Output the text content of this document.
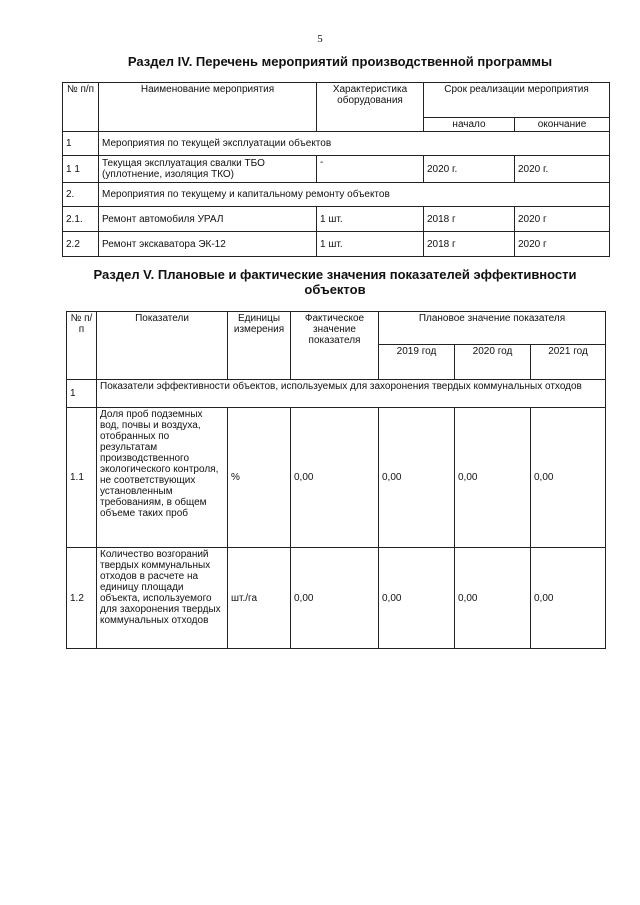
5
Раздел IV. Перечень мероприятий производственной программы
№ п/п	Наименование мероприятия	Характеристика оборудования	Срок реализации мероприятия	
			начало	окончание
1	Мероприятия по текущей эксплуатации объектов			
1 1	Текущая эксплуатация свалки ТБО (уплотнение, изоляция ТКО)	-	2020 г.	2020 г.
2.	Мероприятия по текущему и капитальному ремонту объектов			
2.1.	Ремонт автомобиля УРАЛ	1 шт.	2018 г	2020 г
2.2	Ремонт экскаватора ЭК-12	1 шт.	2018 г	2020 г
Раздел V. Плановые и фактические значения показателей эффективности объектов
№ п/п	Показатели	Единицы измерения	Фактическое значение показателя	Плановое значение показателя		
				2019 год	2020 год	2021 год
1	Показатели эффективности объектов, используемых для захоронения твердых коммунальных отходов					
1.1	Доля проб подземных вод, почвы и воздуха, отобранных по результатам производственного экологического контроля, не соответствующих установленным требованиям, в общем объеме таких проб	%	0,00	0,00	0,00	0,00
1.2	Количество возгораний твердых коммунальных отходов в расчете на единицу площади объекта, используемого для захоронения твердых коммунальных отходов	шт./га	0,00	0,00	0,00	0,00
